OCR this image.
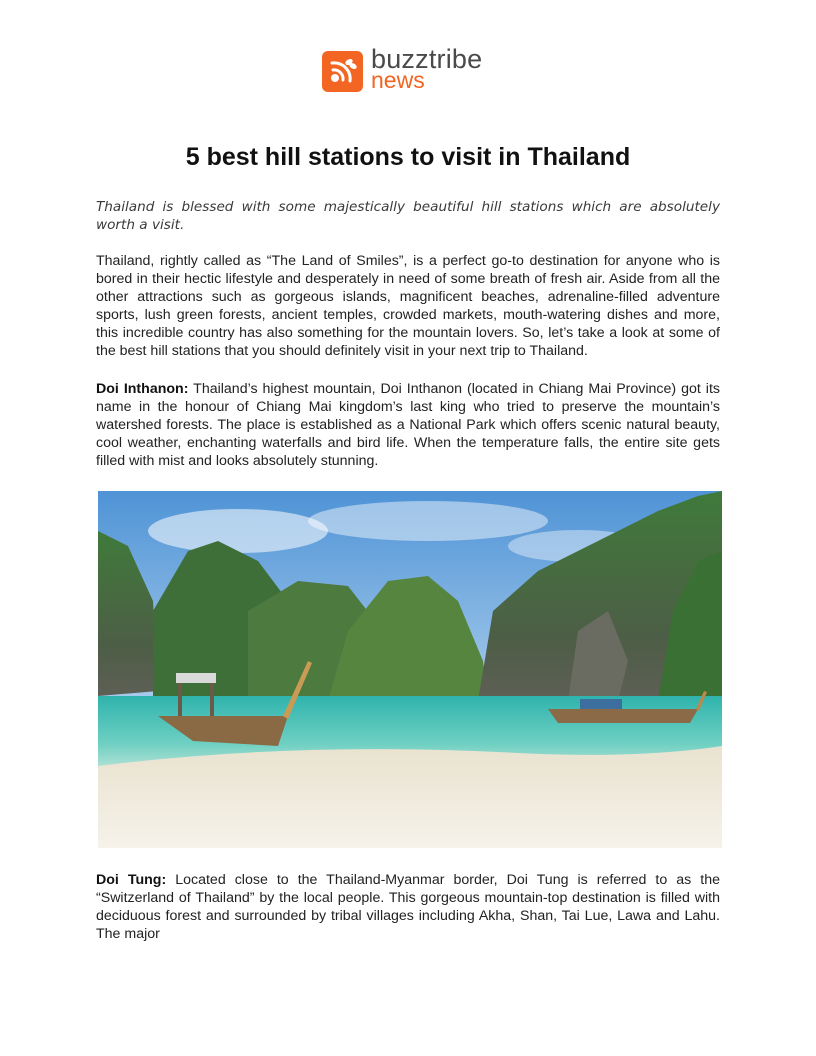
buzztribe
news
5 best hill stations to visit in Thailand

Thailand is blessed with some majestically beautiful hill stations which are absolutely worth a visit.

Thailand, rightly called as “The Land of Smiles”, is a perfect go-to destination for anyone who is bored in their hectic lifestyle and desperately in need of some breath of fresh air. Aside from all the other attractions such as gorgeous islands, magnificent beaches, adrenaline-filled adventure sports, lush green forests, ancient temples, crowded markets, mouth-watering dishes and more, this incredible country has also something for the mountain lovers. So, let’s take a look at some of the best hill stations that you should definitely visit in your next trip to Thailand.

Doi Inthanon: Thailand’s highest mountain, Doi Inthanon (located in Chiang Mai Province) got its name in the honour of Chiang Mai kingdom’s last king who tried to preserve the mountain’s watershed forests. The place is established as a National Park which offers scenic natural beauty, cool weather, enchanting waterfalls and bird life. When the temperature falls, the entire site gets filled with mist and looks absolutely stunning.

Doi Tung: Located close to the Thailand-Myanmar border, Doi Tung is referred to as the “Switzerland of Thailand” by the local people. This gorgeous mountain-top destination is filled with deciduous forest and surrounded by tribal villages including Akha, Shan, Tai Lue, Lawa and Lahu. The major
